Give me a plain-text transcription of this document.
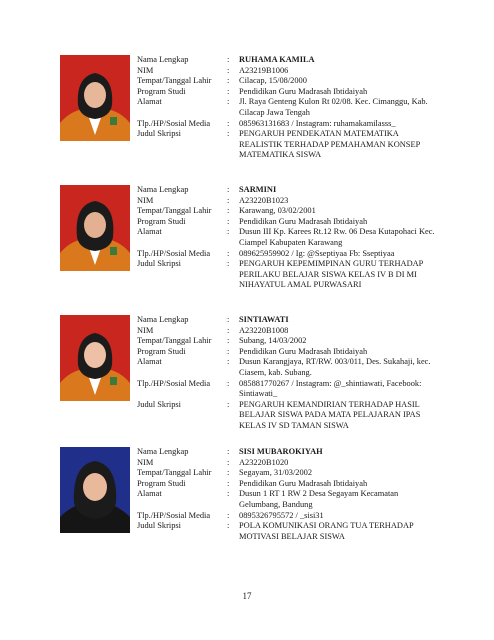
Nama Lengkap	:	RUHAMA KAMILA
NIM	:	A23219B1006
Tempat/Tanggal Lahir	:	Cilacap, 15/08/2000
Program Studi	:	Pendidikan Guru Madrasah Ibtidaiyah
Alamat	:	Jl. Raya Genteng Kulon Rt 02/08. Kec. Cimanggu, Kab. Cilacap Jawa Tengah
Tlp./HP/Sosial Media	:	085963131683 / Instagram: ruhamakamilasss_
Judul Skripsi	:	PENGARUH PENDEKATAN MATEMATIKA REALISTIK TERHADAP PEMAHAMAN KONSEP MATEMATIKA SISWA
Nama Lengkap	:	SARMINI
NIM	:	A23220B1023
Tempat/Tanggal Lahir	:	Karawang, 03/02/2001
Program Studi	:	Pendidikan Guru Madrasah Ibtidaiyah
Alamat	:	Dusun III Kp. Karees Rt.12 Rw. 06 Desa Kutapohaci Kec. Ciampel Kabupaten Karawang
Tlp./HP/Sosial Media	:	089625959902 / Ig: @Sseptiyaa Fb: Sseptiyaa
Judul Skripsi	:	PENGARUH KEPEMIMPINAN GURU TERHADAP PERILAKU BELAJAR SISWA KELAS IV B DI MI NIHAYATUL AMAL PURWASARI
Nama Lengkap	:	SINTIAWATI
NIM	:	A23220B1008
Tempat/Tanggal Lahir	:	Subang, 14/03/2002
Program Studi	:	Pendidikan Guru Madrasah Ibtidaiyah
Alamat	:	Dusun Karangjaya, RT/RW. 003/011, Des. Sukahaji, kec. Ciasem, kab. Subang.
Tlp./HP/Sosial Media	:	085881770267 / Instagram: @_shintiawati, Facebook: Sintiawati_
Judul Skripsi	:	PENGARUH KEMANDIRIAN TERHADAP HASIL BELAJAR SISWA PADA MATA PELAJARAN IPAS KELAS IV SD TAMAN SISWA
Nama Lengkap	:	SISI MUBAROKIYAH
NIM	:	A23220B1020
Tempat/Tanggal Lahir	:	Segayam, 31/03/2002
Program Studi	:	Pendidikan Guru Madrasah Ibtidaiyah
Alamat	:	Dusun 1 RT 1 RW 2 Desa Segayam Kecamatan Gelumbang, Bandung
Tlp./HP/Sosial Media	:	0895326795572 / _sisi31
Judul Skripsi	:	POLA KOMUNIKASI ORANG TUA TERHADAP MOTIVASI BELAJAR SISWA
17
